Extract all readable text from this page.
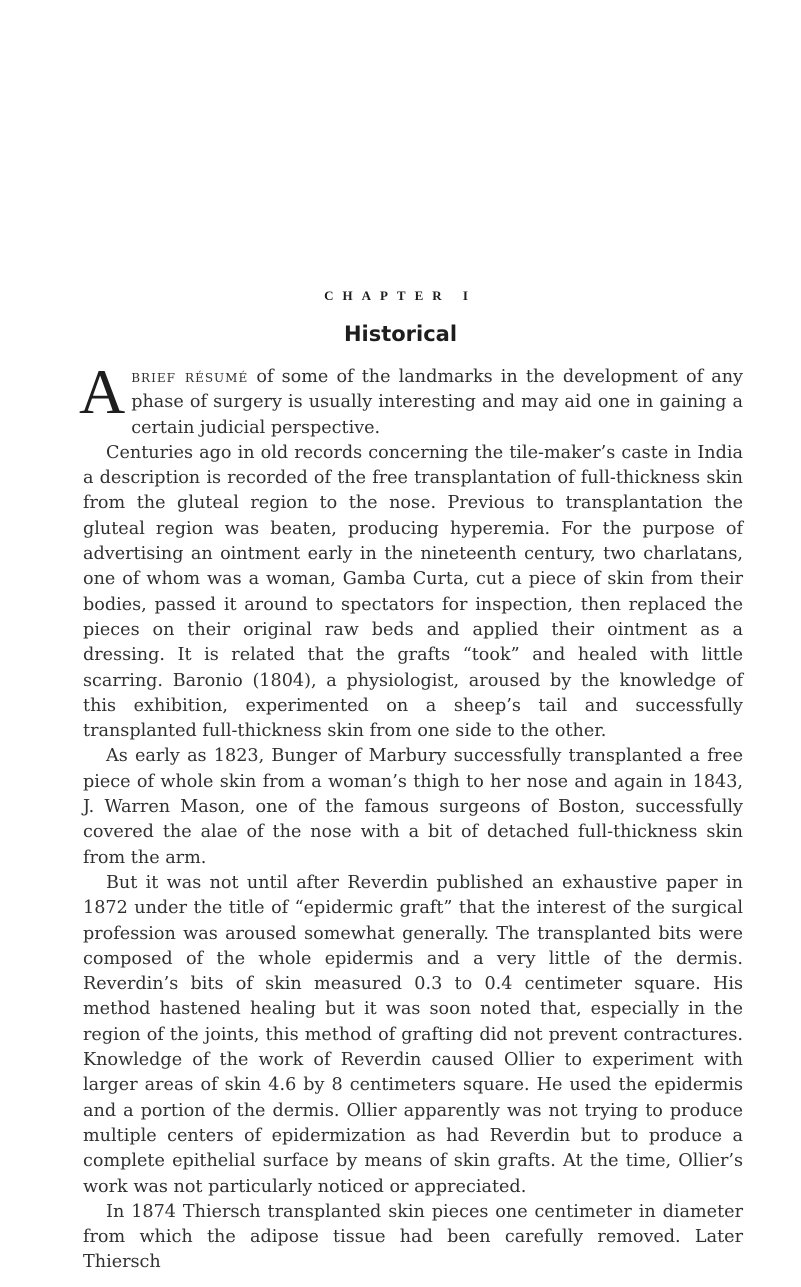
CHAPTER I
Historical

Abrief résumé of some of the landmarks in the development of any phase of surgery is usually interesting and may aid one in gaining a certain judicial perspective.

Centuries ago in old records concerning the tile-maker’s caste in India a description is recorded of the free transplantation of full-thickness skin from the gluteal region to the nose. Previous to transplantation the gluteal region was beaten, producing hyperemia. For the purpose of advertising an ointment early in the nineteenth century, two charlatans, one of whom was a woman, Gamba Curta, cut a piece of skin from their bodies, passed it around to spectators for inspection, then replaced the pieces on their original raw beds and applied their ointment as a dressing. It is related that the grafts “took” and healed with little scarring. Baronio (1804), a physiologist, aroused by the knowledge of this exhibition, experimented on a sheep’s tail and successfully transplanted full-thickness skin from one side to the other.

As early as 1823, Bunger of Marbury successfully transplanted a free piece of whole skin from a woman’s thigh to her nose and again in 1843, J. Warren Mason, one of the famous surgeons of Boston, successfully covered the alae of the nose with a bit of detached full-thickness skin from the arm.

But it was not until after Reverdin published an exhaustive paper in 1872 under the title of “epidermic graft” that the interest of the surgical profession was aroused somewhat generally. The transplanted bits were composed of the whole epidermis and a very little of the dermis. Reverdin’s bits of skin measured 0.3 to 0.4 centimeter square. His method hastened healing but it was soon noted that, especially in the region of the joints, this method of grafting did not prevent contractures. Knowledge of the work of Reverdin caused Ollier to experiment with larger areas of skin 4.6 by 8 centimeters square. He used the epidermis and a portion of the dermis. Ollier apparently was not trying to produce multiple centers of epidermization as had Reverdin but to produce a complete epithelial surface by means of skin grafts. At the time, Ollier’s work was not particularly noticed or appreciated.

In 1874 Thiersch transplanted skin pieces one centimeter in diameter from which the adipose tissue had been carefully removed. Later Thiersch
